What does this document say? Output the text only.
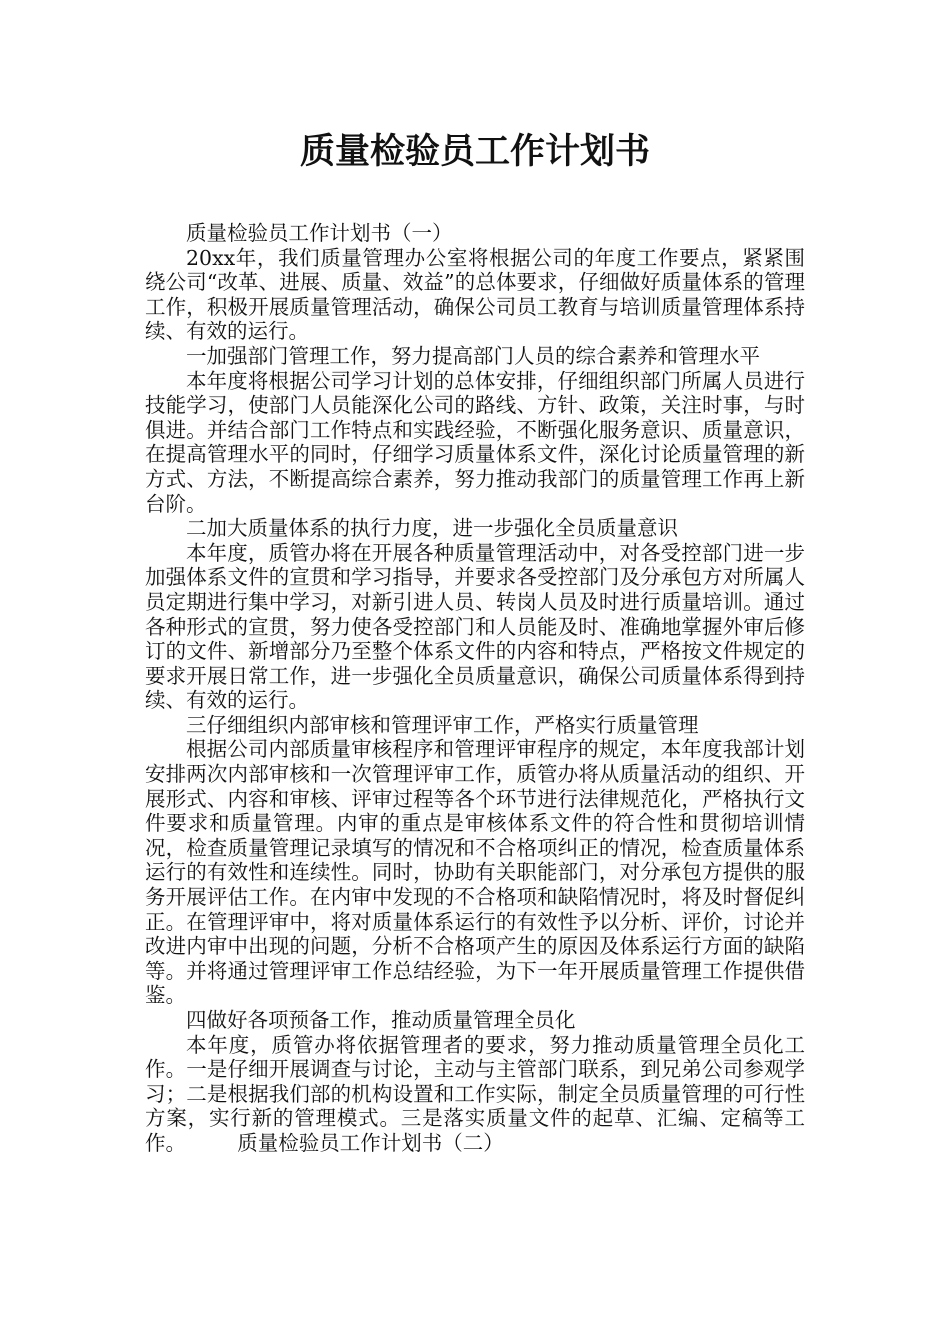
质量检验员工作计划书

质量检验员工作计划书（一）

20xx年，我们质量管理办公室将根据公司的年度工作要点，紧紧围绕公司“改革、进展、质量、效益”的总体要求，仔细做好质量体系的管理工作，积极开展质量管理活动，确保公司员工教育与培训质量管理体系持续、有效的运行。

一加强部门管理工作，努力提高部门人员的综合素养和管理水平

本年度将根据公司学习计划的总体安排，仔细组织部门所属人员进行技能学习，使部门人员能深化公司的路线、方针、政策，关注时事，与时俱进。并结合部门工作特点和实践经验，不断强化服务意识、质量意识，在提高管理水平的同时，仔细学习质量体系文件，深化讨论质量管理的新方式、方法，不断提高综合素养，努力推动我部门的质量管理工作再上新台阶。

二加大质量体系的执行力度，进一步强化全员质量意识

本年度，质管办将在开展各种质量管理活动中，对各受控部门进一步加强体系文件的宣贯和学习指导，并要求各受控部门及分承包方对所属人员定期进行集中学习，对新引进人员、转岗人员及时进行质量培训。通过各种形式的宣贯，努力使各受控部门和人员能及时、准确地掌握外审后修订的文件、新增部分乃至整个体系文件的内容和特点，严格按文件规定的要求开展日常工作，进一步强化全员质量意识，确保公司质量体系得到持续、有效的运行。

三仔细组织内部审核和管理评审工作，严格实行质量管理

根据公司内部质量审核程序和管理评审程序的规定，本年度我部计划安排两次内部审核和一次管理评审工作，质管办将从质量活动的组织、开展形式、内容和审核、评审过程等各个环节进行法律规范化，严格执行文件要求和质量管理。内审的重点是审核体系文件的符合性和贯彻培训情况，检查质量管理记录填写的情况和不合格项纠正的情况，检查质量体系运行的有效性和连续性。同时，协助有关职能部门，对分承包方提供的服务开展评估工作。在内审中发现的不合格项和缺陷情况时，将及时督促纠正。在管理评审中，将对质量体系运行的有效性予以分析、评价，讨论并改进内审中出现的问题，分析不合格项产生的原因及体系运行方面的缺陷等。并将通过管理评审工作总结经验，为下一年开展质量管理工作提供借鉴。

四做好各项预备工作，推动质量管理全员化

本年度，质管办将依据管理者的要求，努力推动质量管理全员化工作。一是仔细开展调查与讨论，主动与主管部门联系，到兄弟公司参观学习；二是根据我们部的机构设置和工作实际，制定全员质量管理的可行性方案，实行新的管理模式。三是落实质量文件的起草、汇编、定稿等工作。	质量检验员工作计划书（二）
